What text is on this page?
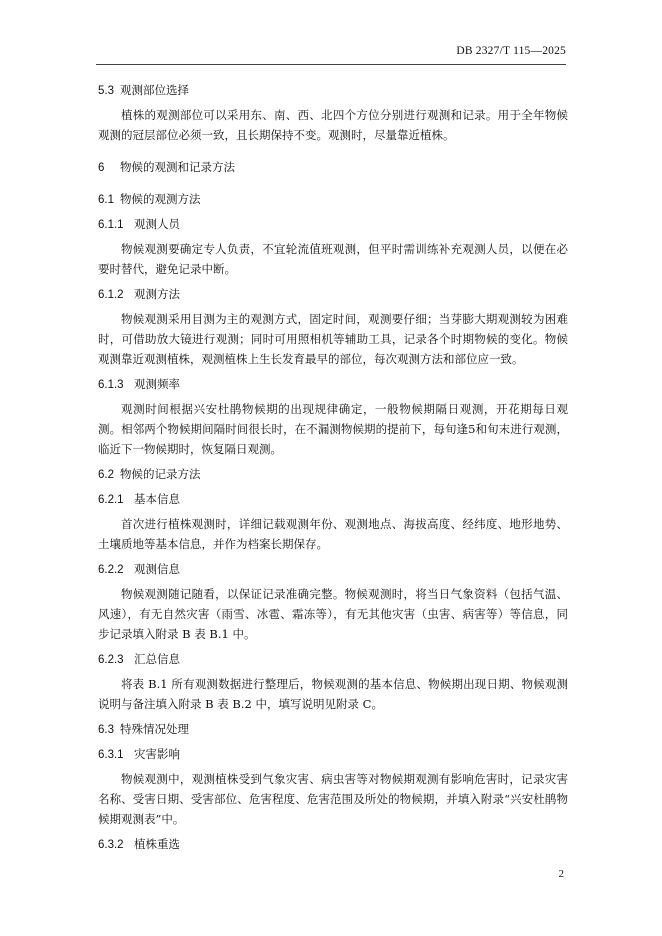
DB 2327/T 115—2025
5.3 观测部位选择

植株的观测部位可以采用东、南、西、北四个方位分别进行观测和记录。用于全年物候观测的冠层部位必须一致，且长期保持不变。观测时，尽量靠近植株。

6 物候的观测和记录方法
6.1 物候的观测方法
6.1.1 观测人员

物候观测要确定专人负责，不宜轮流值班观测，但平时需训练补充观测人员，以便在必要时替代，避免记录中断。

6.1.2 观测方法

物候观测采用目测为主的观测方式，固定时间，观测要仔细；当芽膨大期观测较为困难时，可借助放大镜进行观测；同时可用照相机等辅助工具，记录各个时期物候的变化。物候观测靠近观测植株，观测植株上生长发育最早的部位，每次观测方法和部位应一致。

6.1.3 观测频率

观测时间根据兴安杜鹃物候期的出现规律确定，一般物候期隔日观测，开花期每日观测。相邻两个物候期间隔时间很长时，在不漏测物候期的提前下，每旬逢5和旬末进行观测，临近下一物候期时，恢复隔日观测。

6.2 物候的记录方法
6.2.1 基本信息

首次进行植株观测时，详细记载观测年份、观测地点、海拔高度、经纬度、地形地势、土壤质地等基本信息，并作为档案长期保存。

6.2.2 观测信息

物候观测随记随看，以保证记录准确完整。物候观测时，将当日气象资料（包括气温、风速），有无自然灾害（雨雪、冰雹、霜冻等），有无其他灾害（虫害、病害等）等信息，同步记录填入附录 B 表 B.1 中。

6.2.3 汇总信息

将表 B.1 所有观测数据进行整理后，物候观测的基本信息、物候期出现日期、物候观测说明与备注填入附录 B 表 B.2 中，填写说明见附录 C。

6.3 特殊情况处理
6.3.1 灾害影响

物候观测中，观测植株受到气象灾害、病虫害等对物候期观测有影响危害时，记录灾害名称、受害日期、受害部位、危害程度、危害范围及所处的物候期，并填入附录“兴安杜鹃物候期观测表”中。

6.3.2 植株重选
2
